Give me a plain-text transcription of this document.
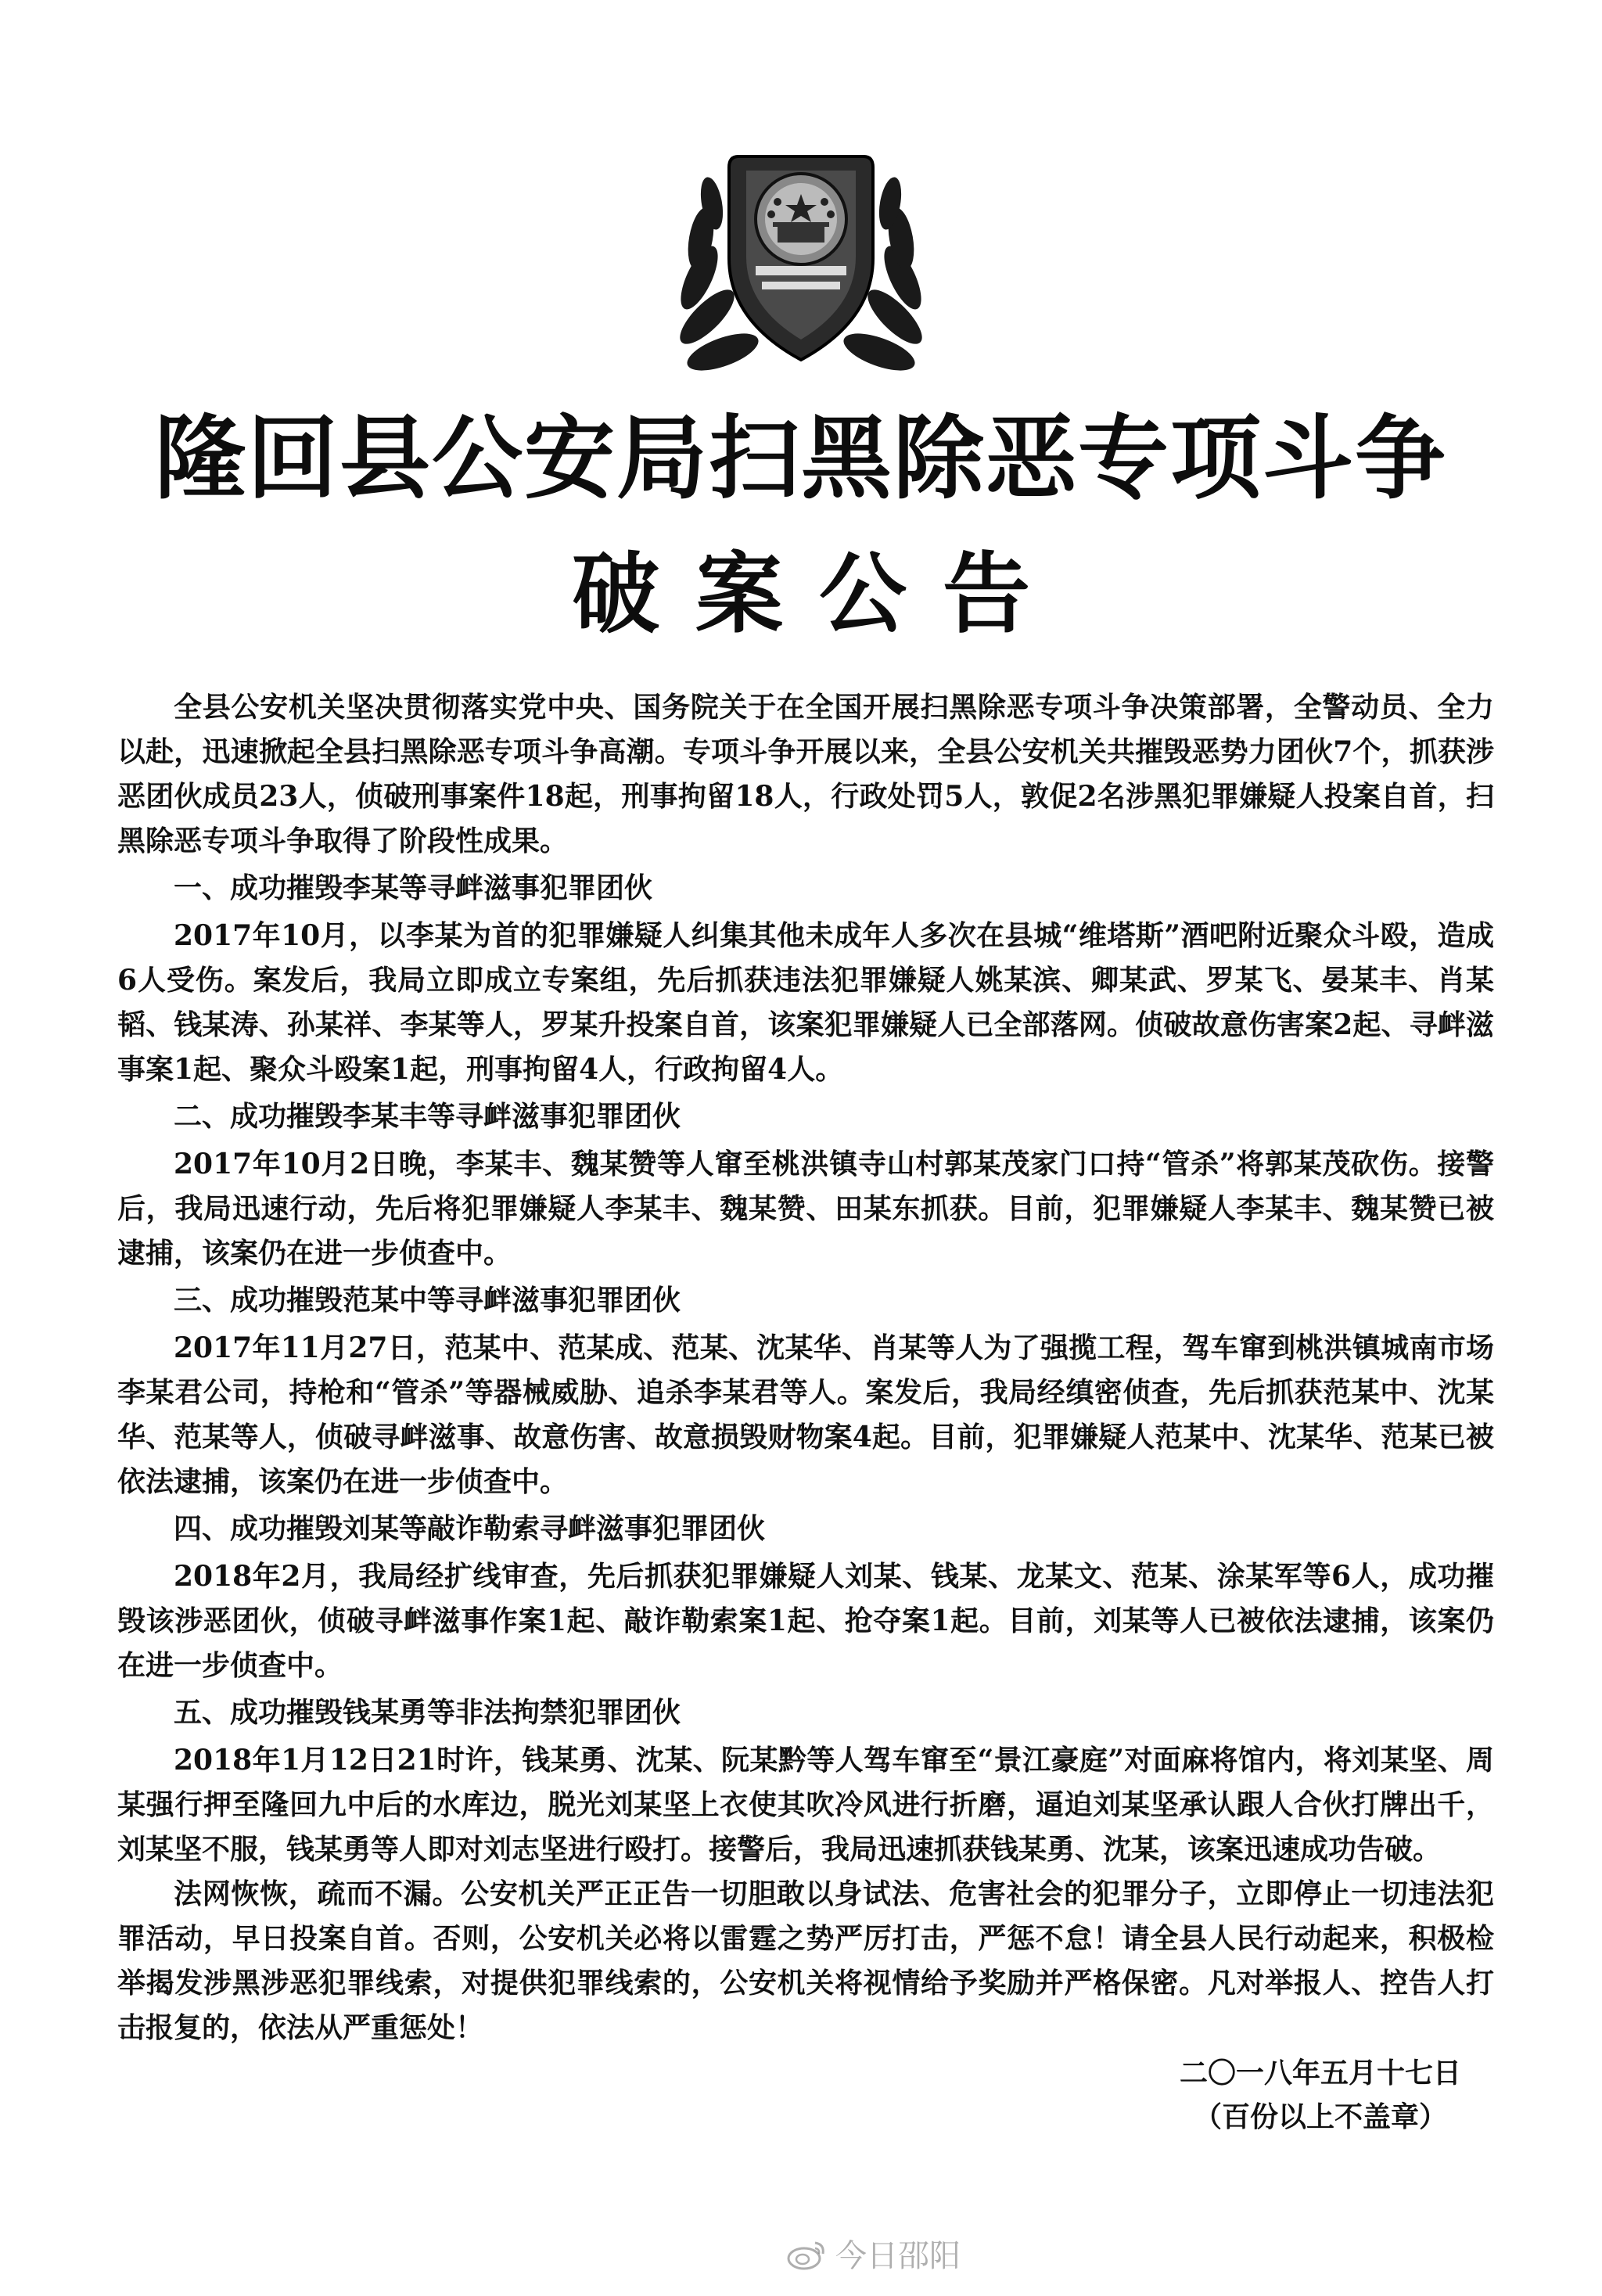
隆回县公安局扫黑除恶专项斗争
破案公告

全县公安机关坚决贯彻落实党中央、国务院关于在全国开展扫黑除恶专项斗争决策部署，全警动员、全力以赴，迅速掀起全县扫黑除恶专项斗争高潮。专项斗争开展以来，全县公安机关共摧毁恶势力团伙7个，抓获涉恶团伙成员23人，侦破刑事案件18起，刑事拘留18人，行政处罚5人，敦促2名涉黑犯罪嫌疑人投案自首，扫黑除恶专项斗争取得了阶段性成果。

一、成功摧毁李某等寻衅滋事犯罪团伙

2017年10月，以李某为首的犯罪嫌疑人纠集其他未成年人多次在县城“维塔斯”酒吧附近聚众斗殴，造成6人受伤。案发后，我局立即成立专案组，先后抓获违法犯罪嫌疑人姚某滨、卿某武、罗某飞、晏某丰、肖某韬、钱某涛、孙某祥、李某等人，罗某升投案自首，该案犯罪嫌疑人已全部落网。侦破故意伤害案2起、寻衅滋事案1起、聚众斗殴案1起，刑事拘留4人，行政拘留4人。

二、成功摧毁李某丰等寻衅滋事犯罪团伙

2017年10月2日晚，李某丰、魏某赞等人窜至桃洪镇寺山村郭某茂家门口持“管杀”将郭某茂砍伤。接警后，我局迅速行动，先后将犯罪嫌疑人李某丰、魏某赞、田某东抓获。目前，犯罪嫌疑人李某丰、魏某赞已被逮捕，该案仍在进一步侦查中。

三、成功摧毁范某中等寻衅滋事犯罪团伙

2017年11月27日，范某中、范某成、范某、沈某华、肖某等人为了强揽工程，驾车窜到桃洪镇城南市场李某君公司，持枪和“管杀”等器械威胁、追杀李某君等人。案发后，我局经缜密侦查，先后抓获范某中、沈某华、范某等人，侦破寻衅滋事、故意伤害、故意损毁财物案4起。目前，犯罪嫌疑人范某中、沈某华、范某已被依法逮捕，该案仍在进一步侦查中。

四、成功摧毁刘某等敲诈勒索寻衅滋事犯罪团伙

2018年2月，我局经扩线审查，先后抓获犯罪嫌疑人刘某、钱某、龙某文、范某、涂某军等6人，成功摧毁该涉恶团伙，侦破寻衅滋事作案1起、敲诈勒索案1起、抢夺案1起。目前，刘某等人已被依法逮捕，该案仍在进一步侦查中。

五、成功摧毁钱某勇等非法拘禁犯罪团伙

2018年1月12日21时许，钱某勇、沈某、阮某黔等人驾车窜至“景江豪庭”对面麻将馆内，将刘某坚、周某强行押至隆回九中后的水库边，脱光刘某坚上衣使其吹冷风进行折磨，逼迫刘某坚承认跟人合伙打牌出千，刘某坚不服，钱某勇等人即对刘志坚进行殴打。接警后，我局迅速抓获钱某勇、沈某，该案迅速成功告破。

法网恢恢，疏而不漏。公安机关严正正告一切胆敢以身试法、危害社会的犯罪分子，立即停止一切违法犯罪活动，早日投案自首。否则，公安机关必将以雷霆之势严厉打击，严惩不怠！请全县人民行动起来，积极检举揭发涉黑涉恶犯罪线索，对提供犯罪线索的，公安机关将视情给予奖励并严格保密。凡对举报人、控告人打击报复的，依法从严重惩处！

二〇一八年五月十七日
（百份以上不盖章）
今日邵阳
